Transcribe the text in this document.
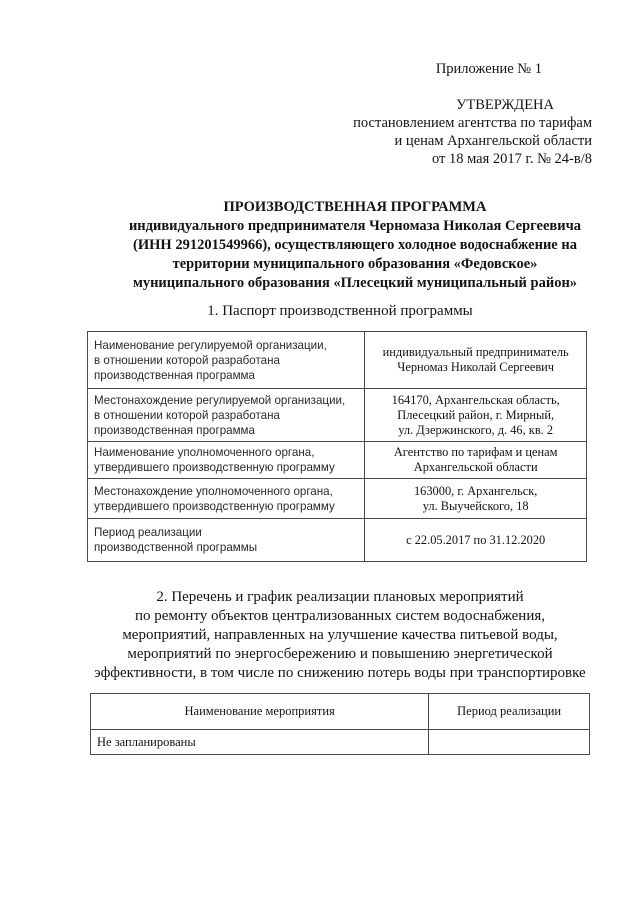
Приложение № 1
УТВЕРЖДЕНА
постановлением агентства по тарифам
и ценам Архангельской области
от 18 мая 2017 г. № 24-в/8
ПРОИЗВОДСТВЕННАЯ ПРОГРАММА
индивидуального предпринимателя Черномаза Николая Сергеевича
(ИНН 291201549966), осуществляющего холодное водоснабжение на
территории муниципального образования «Федовское»
муниципального образования «Плесецкий муниципальный район»
1. Паспорт производственной программы
Наименование регулируемой организации,
в отношении которой разработана
производственная программа	индивидуальный предприниматель
Черномаз Николай Сергеевич

Местонахождение регулируемой организации,
в отношении которой разработана
производственная программа	164170, Архангельская область,
Плесецкий район, г. Мирный,
ул. Дзержинского, д. 46, кв. 2

Наименование уполномоченного органа,
утвердившего производственную программу	Агентство по тарифам и ценам
Архангельской области

Местонахождение уполномоченного органа,
утвердившего производственную программу	163000, г. Архангельск,
ул. Выучейского, 18

Период реализации
производственной программы	с 22.05.2017 по 31.12.2020
2. Перечень и график реализации плановых мероприятий
по ремонту объектов централизованных систем водоснабжения,
мероприятий, направленных на улучшение качества питьевой воды,
мероприятий по энергосбережению и повышению энергетической
эффективности, в том числе по снижению потерь воды при транспортировке
Наименование мероприятия	Период реализации
Не запланированы	
